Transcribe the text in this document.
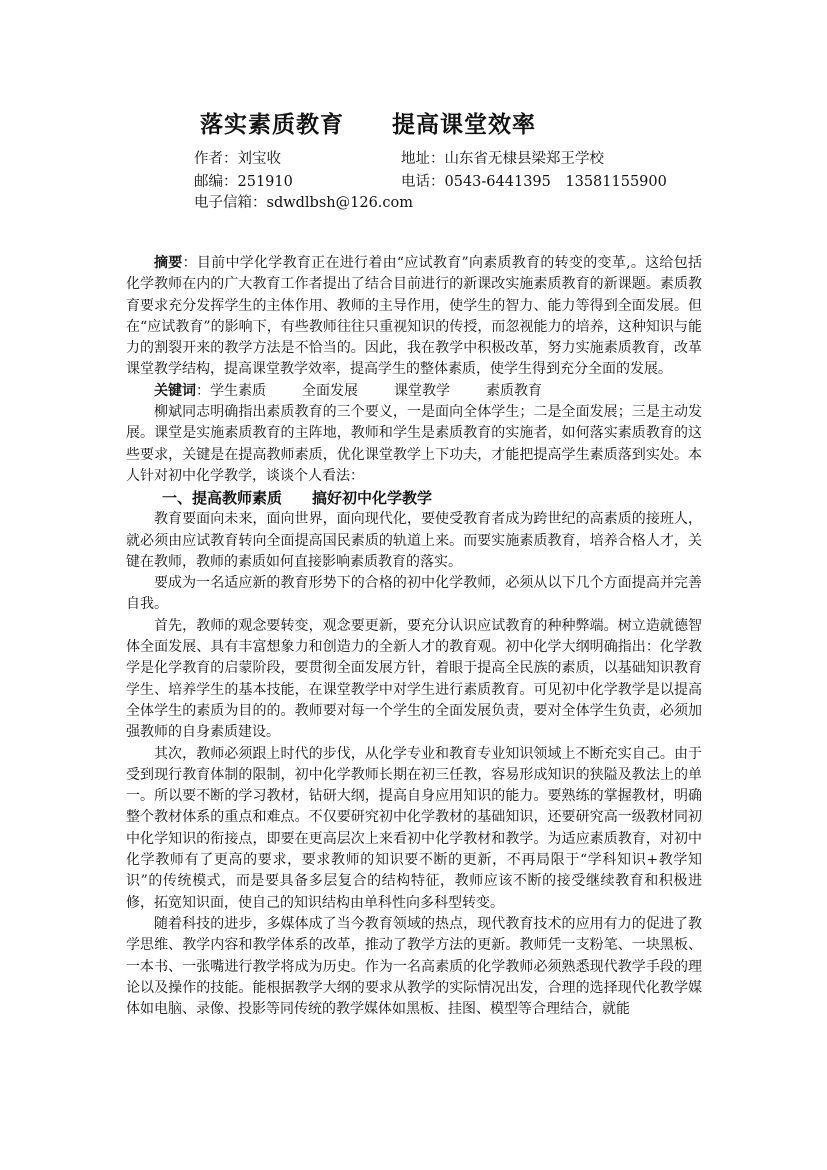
落实素质教育 提高课堂效率
作者：刘宝收	地址：山东省无棣县梁郑王学校
邮编：251910	电话：0543-6441395　13581155900
电子信箱：sdwdlbsh@126.com

摘要：目前中学化学教育正在进行着由“应试教育”向素质教育的转变的变革,。这给包括化学教师在内的广大教育工作者提出了结合目前进行的新课改实施素质教育的新课题。素质教育要求充分发挥学生的主体作用、教师的主导作用，使学生的智力、能力等得到全面发展。但在“应试教育”的影响下，有些教师往往只重视知识的传授，而忽视能力的培养，这种知识与能力的割裂开来的教学方法是不恰当的。因此，我在教学中积极改革，努力实施素质教育，改革课堂教学结构，提高课堂教学效率，提高学生的整体素质，使学生得到充分全面的发展。

关键词：学生素质	全面发展	课堂教学	素质教育

柳斌同志明确指出素质教育的三个要义，一是面向全体学生；二是全面发展；三是主动发展。课堂是实施素质教育的主阵地，教师和学生是素质教育的实施者，如何落实素质教育的这些要求，关键是在提高教师素质，优化课堂教学上下功夫，才能把提高学生素质落到实处。本人针对初中化学教学，谈谈个人看法：

一、提高教师素质 搞好初中化学教学

教育要面向未来，面向世界，面向现代化，要使受教育者成为跨世纪的高素质的接班人，就必须由应试教育转向全面提高国民素质的轨道上来。而要实施素质教育，培养合格人才，关键在教师，教师的素质如何直接影响素质教育的落实。

要成为一名适应新的教育形势下的合格的初中化学教师，必须从以下几个方面提高并完善自我。

首先，教师的观念要转变，观念要更新，要充分认识应试教育的种种弊端。树立造就德智体全面发展、具有丰富想象力和创造力的全新人才的教育观。初中化学大纲明确指出：化学教学是化学教育的启蒙阶段，要贯彻全面发展方针，着眼于提高全民族的素质，以基础知识教育学生、培养学生的基本技能，在课堂教学中对学生进行素质教育。可见初中化学教学是以提高全体学生的素质为目的的。教师要对每一个学生的全面发展负责，要对全体学生负责，必须加强教师的自身素质建设。

其次，教师必须跟上时代的步伐，从化学专业和教育专业知识领域上不断充实自己。由于受到现行教育体制的限制，初中化学教师长期在初三任教，容易形成知识的狭隘及教法上的单一。所以要不断的学习教材，钻研大纲，提高自身应用知识的能力。要熟练的掌握教材，明确整个教材体系的重点和难点。不仅要研究初中化学教材的基础知识，还要研究高一级教材同初中化学知识的衔接点，即要在更高层次上来看初中化学教材和教学。为适应素质教育，对初中化学教师有了更高的要求，要求教师的知识要不断的更新，不再局限于“学科知识+教学知识”的传统模式，而是要具备多层复合的结构特征，教师应该不断的接受继续教育和积极进修，拓宽知识面，使自己的知识结构由单科性向多科型转变。

随着科技的进步，多媒体成了当今教育领域的热点，现代教育技术的应用有力的促进了教学思维、教学内容和教学体系的改革，推动了教学方法的更新。教师凭一支粉笔、一块黑板、一本书、一张嘴进行教学将成为历史。作为一名高素质的化学教师必须熟悉现代教学手段的理论以及操作的技能。能根据教学大纲的要求从教学的实际情况出发，合理的选择现代化教学媒体如电脑、录像、投影等同传统的教学媒体如黑板、挂图、模型等合理结合，就能
